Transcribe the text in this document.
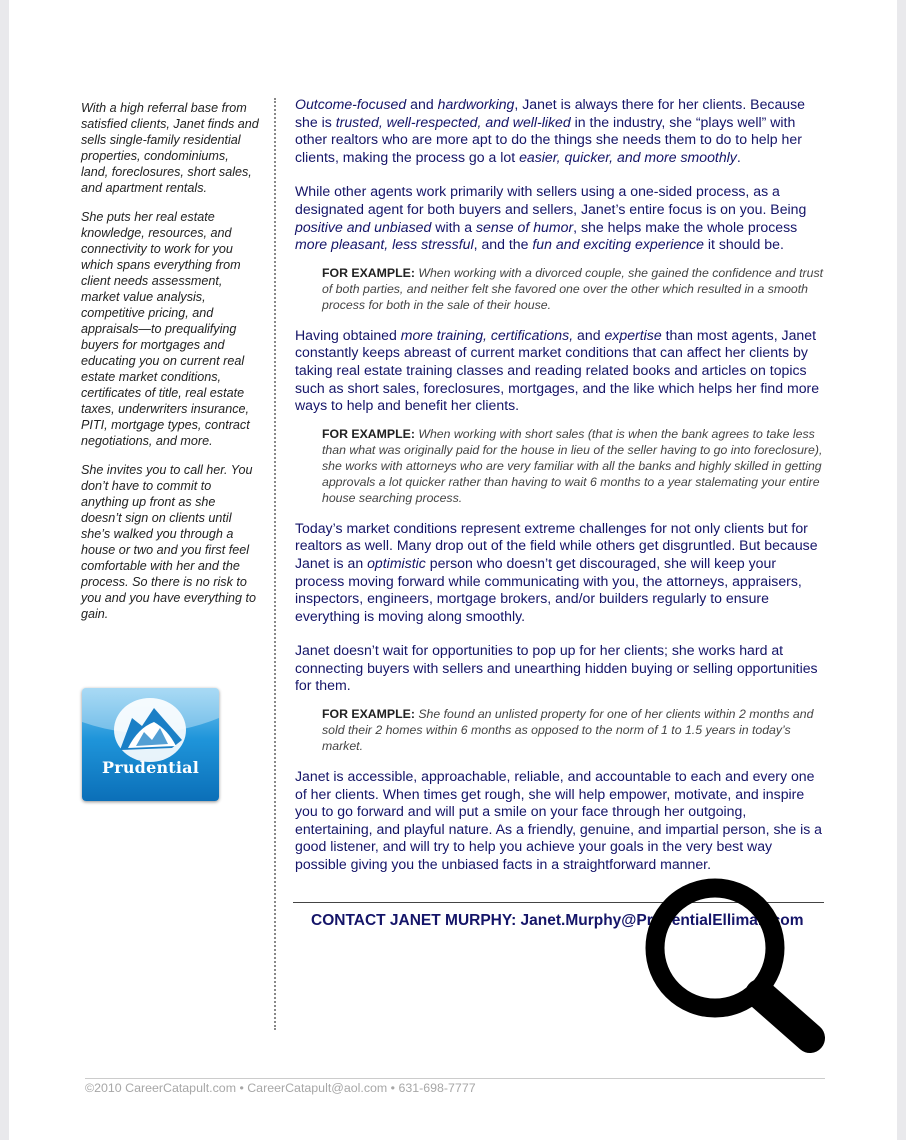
With a high referral base from satisfied clients, Janet finds and sells single-family residential properties, condominiums, land, foreclosures, short sales, and apartment rentals.

She puts her real estate knowledge, resources, and connectivity to work for you which spans everything from client needs assessment, market value analysis, competitive pricing, and appraisals—to prequalifying buyers for mortgages and educating you on current real estate market conditions, certificates of title, real estate taxes, underwriters insurance, PITI, mortgage types, contract negotiations, and more.

She invites you to call her. You don’t have to commit to anything up front as she doesn’t sign on clients until she’s walked you through a house or two and you first feel comfortable with her and the process. So there is no risk to you and you have everything to gain.

Prudential

Outcome-focused and hardworking, Janet is always there for her clients. Because she is trusted, well-respected, and well-liked in the industry, she “plays well” with other realtors who are more apt to do the things she needs them to do to help her clients, making the process go a lot easier, quicker, and more smoothly.

While other agents work primarily with sellers using a one-sided process, as a designated agent for both buyers and sellers, Janet’s entire focus is on you. Being positive and unbiased with a sense of humor, she helps make the whole process more pleasant, less stressful, and the fun and exciting experience it should be.

FOR EXAMPLE: When working with a divorced couple, she gained the confidence and trust of both parties, and neither felt she favored one over the other which resulted in a smooth process for both in the sale of their house.

Having obtained more training, certifications, and expertise than most agents, Janet constantly keeps abreast of current market conditions that can affect her clients by taking real estate training classes and reading related books and articles on topics such as short sales, foreclosures, mortgages, and the like which helps her find more ways to help and benefit her clients.

FOR EXAMPLE: When working with short sales (that is when the bank agrees to take less than what was originally paid for the house in lieu of the seller having to go into foreclosure), she works with attorneys who are very familiar with all the banks and highly skilled in getting approvals a lot quicker rather than having to wait 6 months to a year stalemating your entire house searching process.

Today’s market conditions represent extreme challenges for not only clients but for realtors as well. Many drop out of the field while others get disgruntled. But because Janet is an optimistic person who doesn’t get discouraged, she will keep your process moving forward while communicating with you, the attorneys, appraisers, inspectors, engineers, mortgage brokers, and/or builders regularly to ensure everything is moving along smoothly.

Janet doesn’t wait for opportunities to pop up for her clients; she works hard at connecting buyers with sellers and unearthing hidden buying or selling opportunities for them.

FOR EXAMPLE: She found an unlisted property for one of her clients within 2 months and sold their 2 homes within 6 months as opposed to the norm of 1 to 1.5 years in today’s market.

Janet is accessible, approachable, reliable, and accountable to each and every one of her clients. When times get rough, she will help empower, motivate, and inspire you to go forward and will put a smile on your face through her outgoing, entertaining, and playful nature. As a friendly, genuine, and impartial person, she is a good listener, and will try to help you achieve your goals in the very best way possible giving you the unbiased facts in a straightforward manner.

CONTACT JANET MURPHY: Janet.Murphy@PrudentialElliman.com
©2010 CareerCatapult.com • CareerCatapult@aol.com • 631-698-7777
